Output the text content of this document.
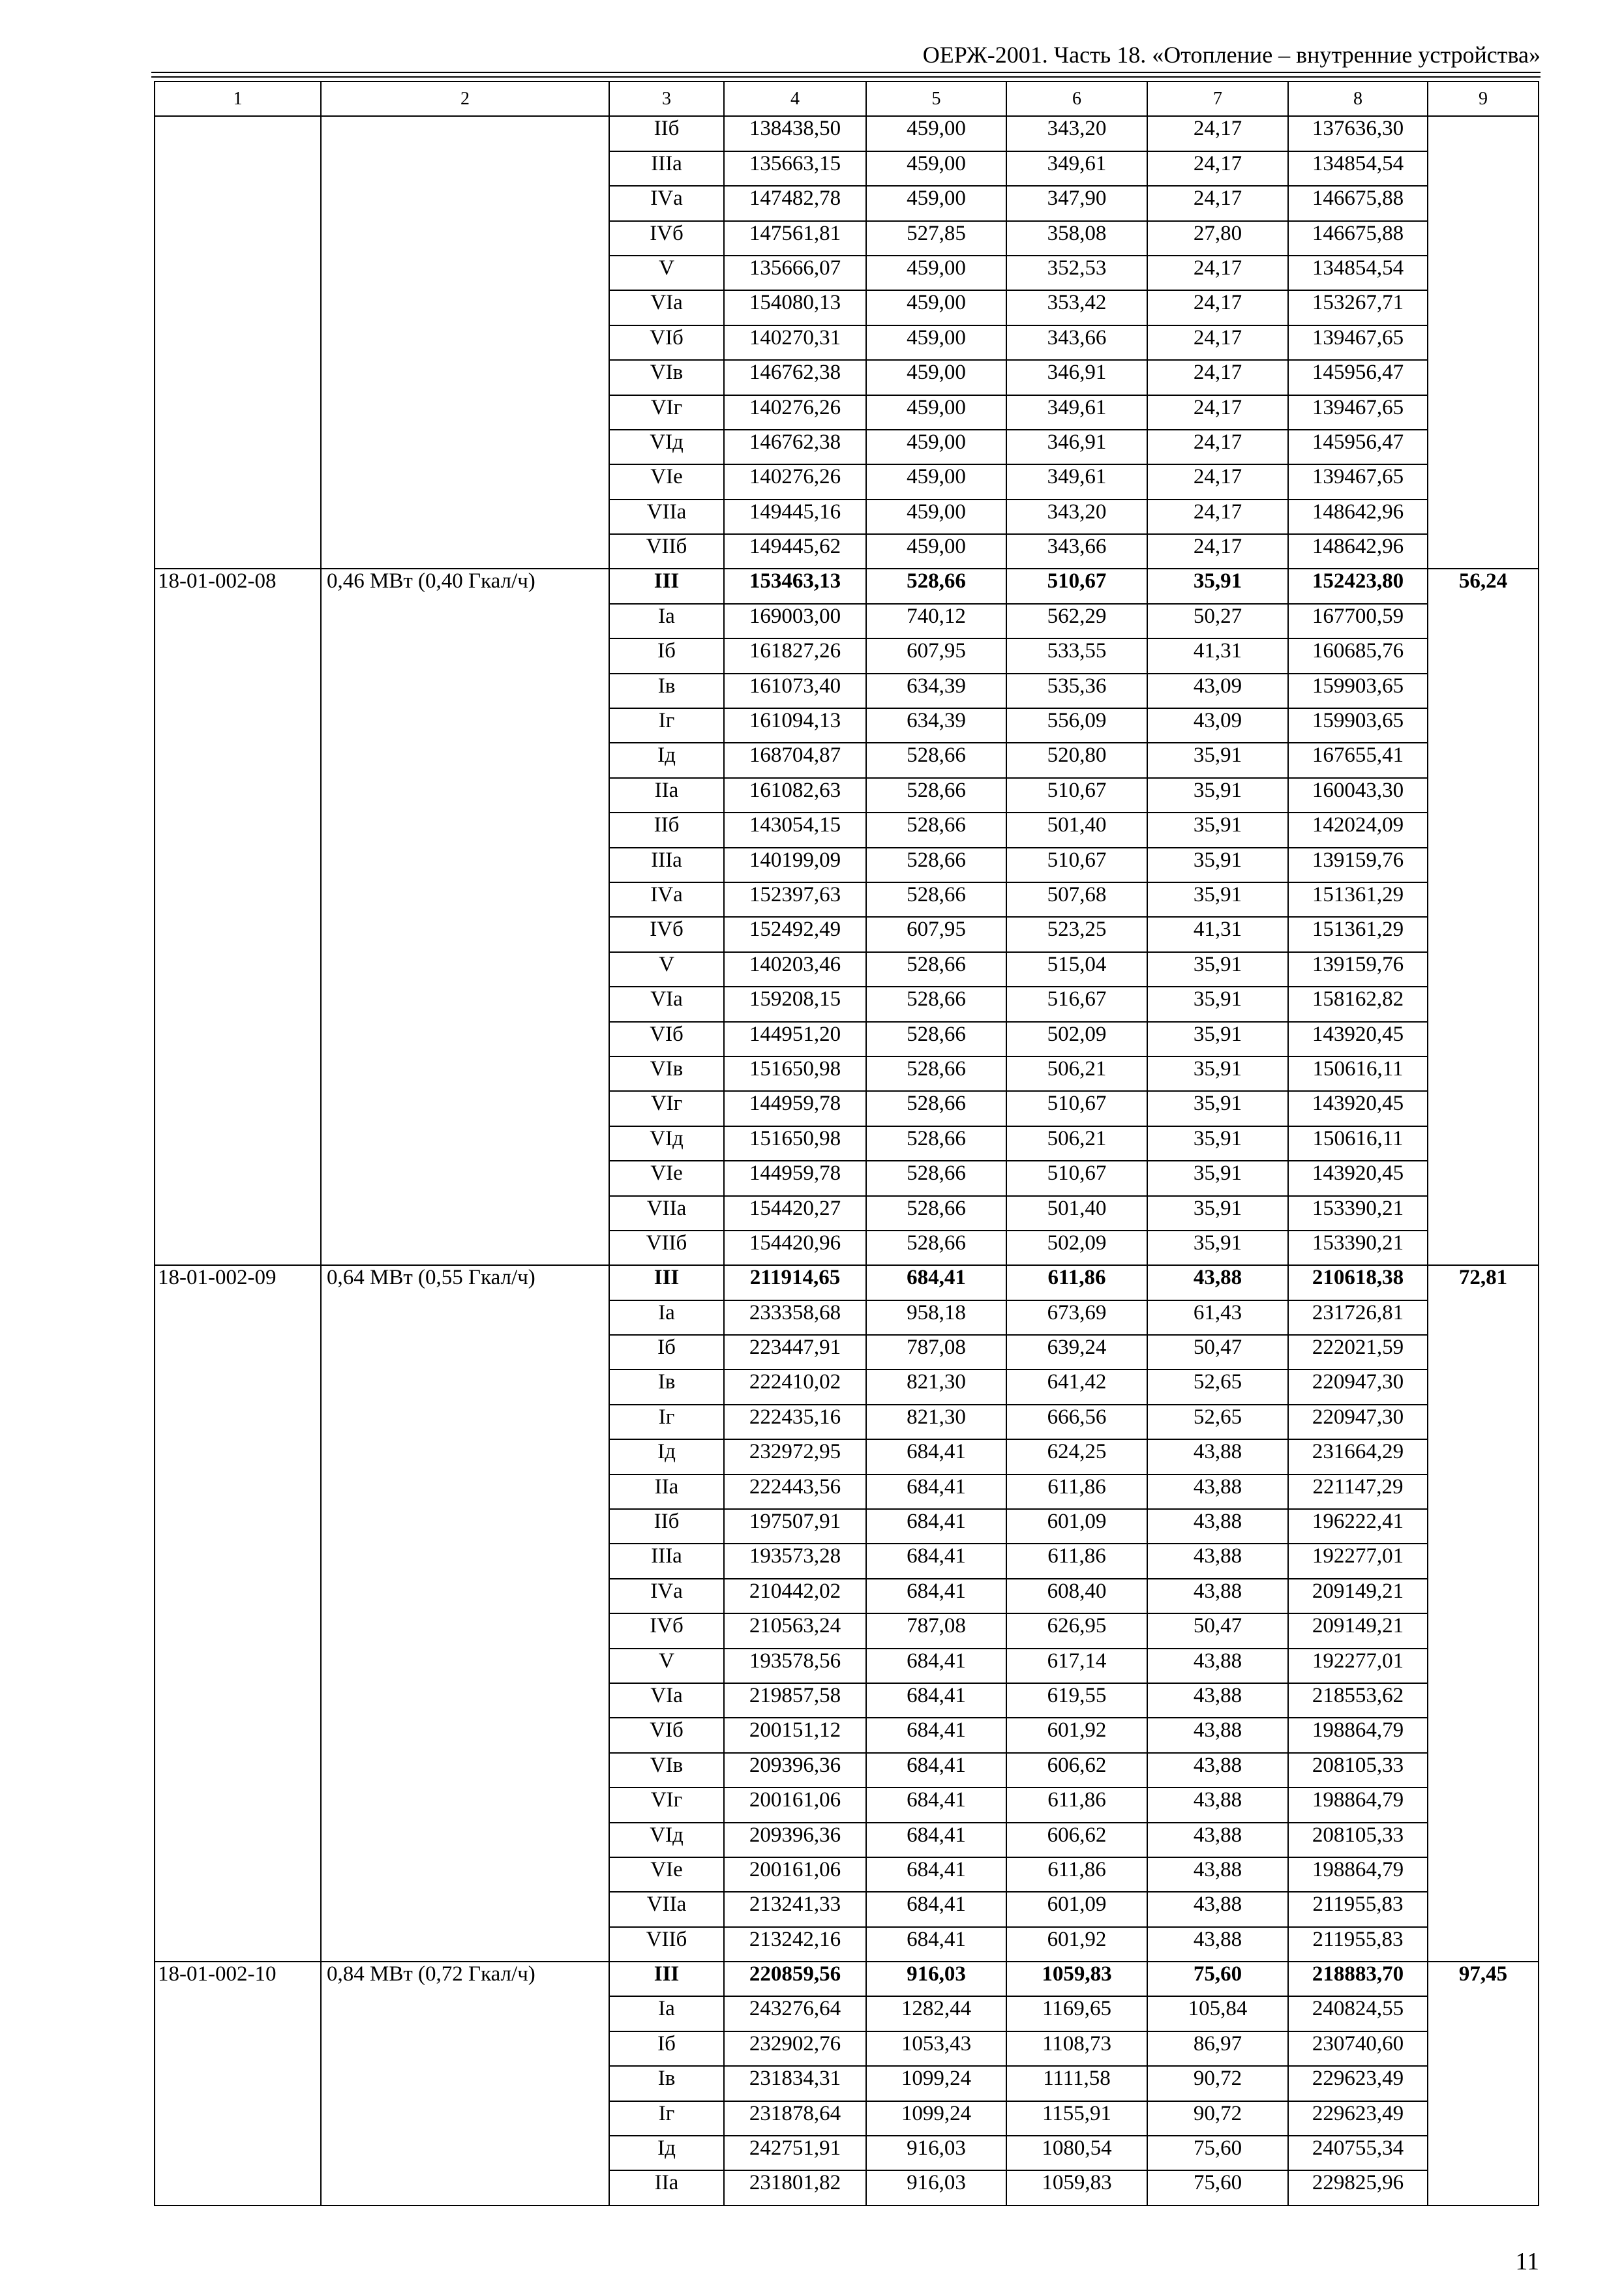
ОЕРЖ-2001. Часть 18. «Отопление – внутренние устройства»
1	2	3	4	5	6	7	8	9
		IIб	138438,50	459,00	343,20	24,17	137636,30	
		IIIа	135663,15	459,00	349,61	24,17	134854,54	
		IVа	147482,78	459,00	347,90	24,17	146675,88	
		IVб	147561,81	527,85	358,08	27,80	146675,88	
		V	135666,07	459,00	352,53	24,17	134854,54	
		VIа	154080,13	459,00	353,42	24,17	153267,71	
		VIб	140270,31	459,00	343,66	24,17	139467,65	
		VIв	146762,38	459,00	346,91	24,17	145956,47	
		VIг	140276,26	459,00	349,61	24,17	139467,65	
		VIд	146762,38	459,00	346,91	24,17	145956,47	
		VIе	140276,26	459,00	349,61	24,17	139467,65	
		VIIа	149445,16	459,00	343,20	24,17	148642,96	
		VIIб	149445,62	459,00	343,66	24,17	148642,96	
18-01-002-08	0,46 МВт (0,40 Гкал/ч)	III	153463,13	528,66	510,67	35,91	152423,80	56,24
		Iа	169003,00	740,12	562,29	50,27	167700,59	
		Iб	161827,26	607,95	533,55	41,31	160685,76	
		Iв	161073,40	634,39	535,36	43,09	159903,65	
		Iг	161094,13	634,39	556,09	43,09	159903,65	
		Iд	168704,87	528,66	520,80	35,91	167655,41	
		IIа	161082,63	528,66	510,67	35,91	160043,30	
		IIб	143054,15	528,66	501,40	35,91	142024,09	
		IIIа	140199,09	528,66	510,67	35,91	139159,76	
		IVа	152397,63	528,66	507,68	35,91	151361,29	
		IVб	152492,49	607,95	523,25	41,31	151361,29	
		V	140203,46	528,66	515,04	35,91	139159,76	
		VIа	159208,15	528,66	516,67	35,91	158162,82	
		VIб	144951,20	528,66	502,09	35,91	143920,45	
		VIв	151650,98	528,66	506,21	35,91	150616,11	
		VIг	144959,78	528,66	510,67	35,91	143920,45	
		VIд	151650,98	528,66	506,21	35,91	150616,11	
		VIе	144959,78	528,66	510,67	35,91	143920,45	
		VIIа	154420,27	528,66	501,40	35,91	153390,21	
		VIIб	154420,96	528,66	502,09	35,91	153390,21	
18-01-002-09	0,64 МВт (0,55 Гкал/ч)	III	211914,65	684,41	611,86	43,88	210618,38	72,81
		Iа	233358,68	958,18	673,69	61,43	231726,81	
		Iб	223447,91	787,08	639,24	50,47	222021,59	
		Iв	222410,02	821,30	641,42	52,65	220947,30	
		Iг	222435,16	821,30	666,56	52,65	220947,30	
		Iд	232972,95	684,41	624,25	43,88	231664,29	
		IIа	222443,56	684,41	611,86	43,88	221147,29	
		IIб	197507,91	684,41	601,09	43,88	196222,41	
		IIIа	193573,28	684,41	611,86	43,88	192277,01	
		IVа	210442,02	684,41	608,40	43,88	209149,21	
		IVб	210563,24	787,08	626,95	50,47	209149,21	
		V	193578,56	684,41	617,14	43,88	192277,01	
		VIа	219857,58	684,41	619,55	43,88	218553,62	
		VIб	200151,12	684,41	601,92	43,88	198864,79	
		VIв	209396,36	684,41	606,62	43,88	208105,33	
		VIг	200161,06	684,41	611,86	43,88	198864,79	
		VIд	209396,36	684,41	606,62	43,88	208105,33	
		VIе	200161,06	684,41	611,86	43,88	198864,79	
		VIIа	213241,33	684,41	601,09	43,88	211955,83	
		VIIб	213242,16	684,41	601,92	43,88	211955,83	
18-01-002-10	0,84 МВт (0,72 Гкал/ч)	III	220859,56	916,03	1059,83	75,60	218883,70	97,45
		Iа	243276,64	1282,44	1169,65	105,84	240824,55	
		Iб	232902,76	1053,43	1108,73	86,97	230740,60	
		Iв	231834,31	1099,24	1111,58	90,72	229623,49	
		Iг	231878,64	1099,24	1155,91	90,72	229623,49	
		Iд	242751,91	916,03	1080,54	75,60	240755,34	
		IIа	231801,82	916,03	1059,83	75,60	229825,96	
11
